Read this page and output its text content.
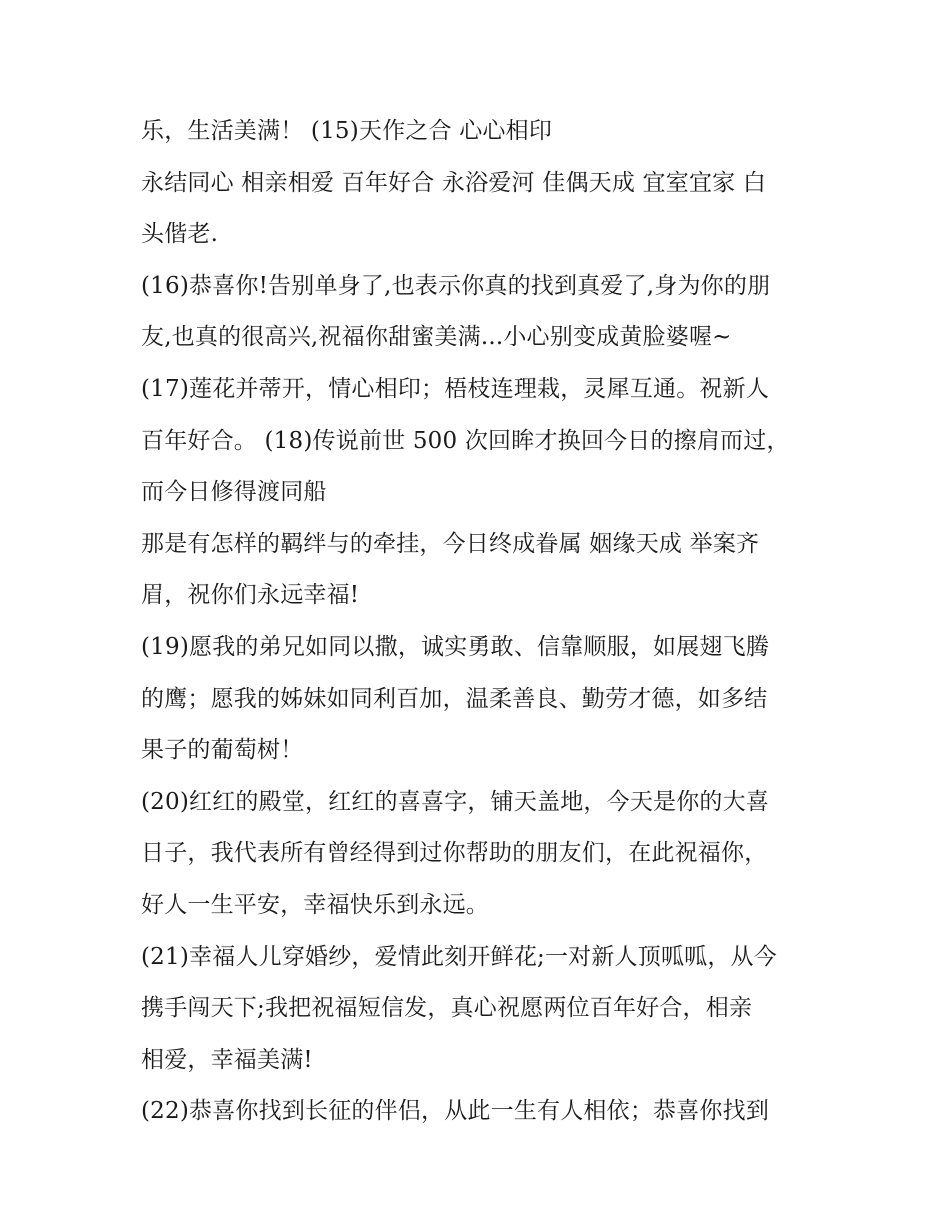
乐，生活美满！ (15)天作之合 心心相印

永结同心 相亲相爱 百年好合 永浴爱河 佳偶天成 宜室宜家 白

头偕老.

(16)恭喜你!告别单身了,也表示你真的找到真爱了,身为你的朋

友,也真的很高兴,祝福你甜蜜美满...小心别变成黄脸婆喔~

(17)莲花并蒂开，情心相印；梧枝连理栽，灵犀互通。祝新人

百年好合。 (18)传说前世 500 次回眸才换回今日的擦肩而过，

而今日修得渡同船

那是有怎样的羁绊与的牵挂，今日终成眷属 姻缘天成 举案齐

眉，祝你们永远幸福!

(19)愿我的弟兄如同以撒，诚实勇敢、信靠顺服，如展翅飞腾

的鹰；愿我的姊妹如同利百加，温柔善良、勤劳才德，如多结

果子的葡萄树！

(20)红红的殿堂，红红的喜喜字，铺天盖地，今天是你的大喜

日子，我代表所有曾经得到过你帮助的朋友们，在此祝福你，

好人一生平安，幸福快乐到永远。

(21)幸福人儿穿婚纱，爱情此刻开鲜花;一对新人顶呱呱，从今

携手闯天下;我把祝福短信发，真心祝愿两位百年好合，相亲

相爱，幸福美满!

(22)恭喜你找到长征的伴侣，从此一生有人相依；恭喜你找到
